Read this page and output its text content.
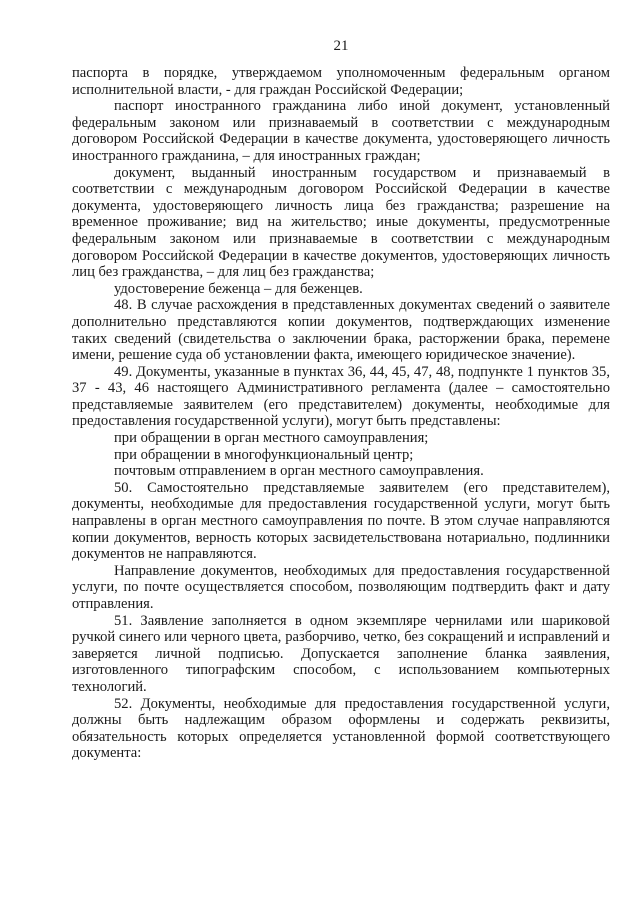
21

паспорта в порядке, утверждаемом уполномоченным федеральным органом исполнительной власти, - для граждан Российской Федерации;

паспорт иностранного гражданина либо иной документ, установленный федеральным законом или признаваемый в соответствии с международным договором Российской Федерации в качестве документа, удостоверяющего личность иностранного гражданина, – для иностранных граждан;

документ, выданный иностранным государством и признаваемый в соответствии с международным договором Российской Федерации в качестве документа, удостоверяющего личность лица без гражданства; разрешение на временное проживание; вид на жительство; иные документы, предусмотренные федеральным законом или признаваемые в соответствии с международным договором Российской Федерации в качестве документов, удостоверяющих личность лиц без гражданства, – для лиц без гражданства;

удостоверение беженца – для беженцев.

48. В случае расхождения в представленных документах сведений о заявителе дополнительно представляются копии документов, подтверждающих изменение таких сведений (свидетельства о заключении брака, расторжении брака, перемене имени, решение суда об установлении факта, имеющего юридическое значение).

49. Документы, указанные в пунктах 36, 44, 45, 47, 48, подпункте 1 пунктов 35, 37 - 43, 46 настоящего Административного регламента (далее – самостоятельно представляемые заявителем (его представителем) документы, необходимые для предоставления государственной услуги), могут быть представлены:

при обращении в орган местного самоуправления;

при обращении в многофункциональный центр;

почтовым отправлением в орган местного самоуправления.

50. Самостоятельно представляемые заявителем (его представителем), документы, необходимые для предоставления государственной услуги, могут быть направлены в орган местного самоуправления по почте. В этом случае направляются копии документов, верность которых засвидетельствована нотариально, подлинники документов не направляются.

Направление документов, необходимых для предоставления государственной услуги, по почте осуществляется способом, позволяющим подтвердить факт и дату отправления.

51. Заявление заполняется в одном экземпляре чернилами или шариковой ручкой синего или черного цвета, разборчиво, четко, без сокращений и исправлений и заверяется личной подписью. Допускается заполнение бланка заявления, изготовленного типографским способом, с использованием компьютерных технологий.

52. Документы, необходимые для предоставления государственной услуги, должны быть надлежащим образом оформлены и содержать реквизиты, обязательность которых определяется установленной формой соответствующего документа:
